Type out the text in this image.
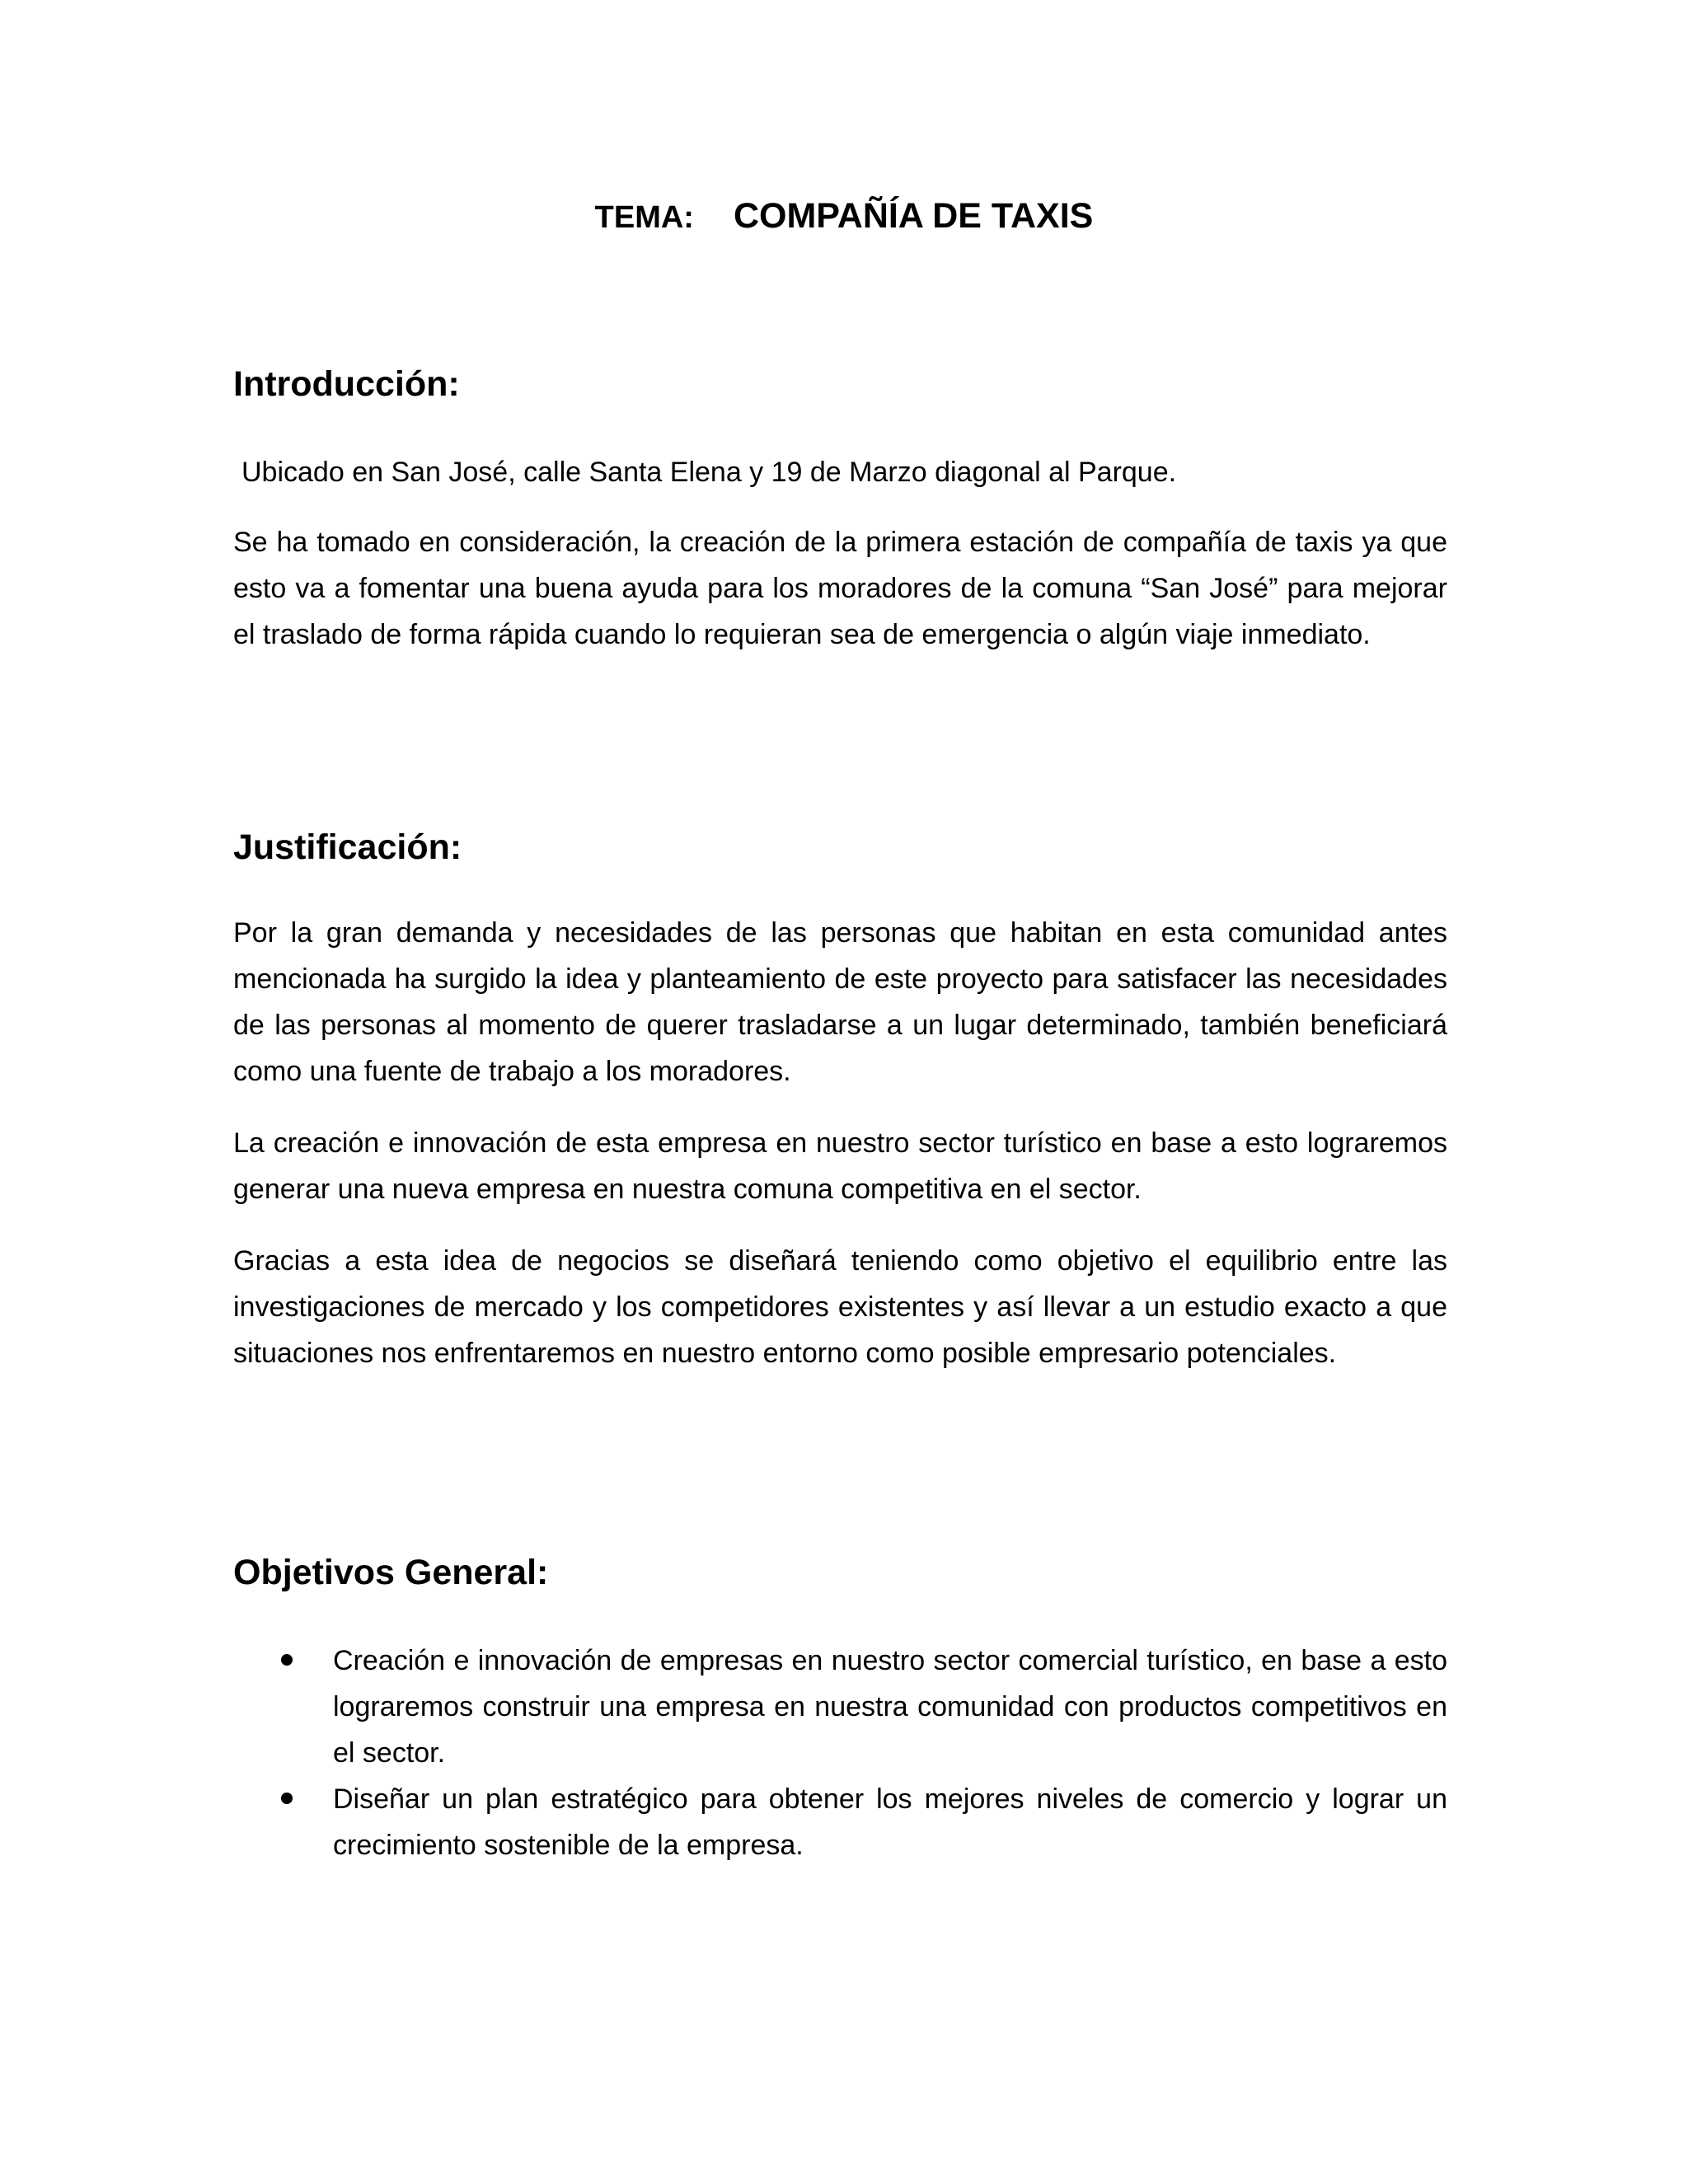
TEMA: COMPAÑÍA DE TAXIS
Introducción:

Ubicado en San José, calle Santa Elena y 19 de Marzo diagonal al Parque.

Se ha tomado en consideración, la creación de la primera estación de compañía de taxis ya que esto va a fomentar una buena ayuda para los moradores de la comuna “San José” para mejorar el traslado de forma rápida cuando lo requieran sea de emergencia o algún viaje inmediato.

Justificación:

Por la gran demanda y necesidades de las personas que habitan en esta comunidad antes mencionada ha surgido la idea y planteamiento de este proyecto para satisfacer las necesidades de las personas al momento de querer trasladarse a un lugar determinado, también beneficiará como una fuente de trabajo a los moradores.

La creación e innovación de esta empresa en nuestro sector turístico en base a esto lograremos generar una nueva empresa en nuestra comuna competitiva en el sector.

Gracias a esta idea de negocios se diseñará teniendo como objetivo el equilibrio entre las investigaciones de mercado y los competidores existentes y así llevar a un estudio exacto a que situaciones nos enfrentaremos en nuestro entorno como posible empresario potenciales.

Objetivos General:
Creación e innovación de empresas en nuestro sector comercial turístico, en base a esto lograremos construir una empresa en nuestra comunidad con productos competitivos en el sector.
Diseñar un plan estratégico para obtener los mejores niveles de comercio y lograr un crecimiento sostenible de la empresa.
